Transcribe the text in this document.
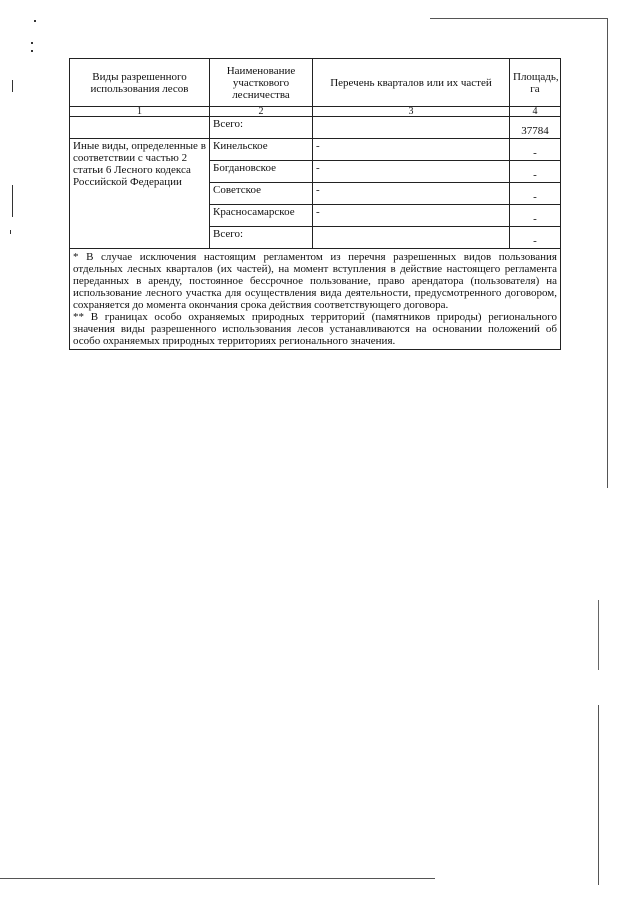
Виды разрешенного использования лесов	Наименование участкового лесничества	Перечень кварталов или их частей	Площадь, га
1	2	3	4
	Всего:		37784
Иные виды, определенные в соответствии с частью 2 статьи 6 Лесного кодекса Российской Федерации	Кинельское	-	-
	Богдановское	-	-
	Советское	-	-
	Красносамарское	-	-
	Всего:		-

* В случае исключения настоящим регламентом из перечня разрешенных видов пользования отдельных лесных кварталов (их частей), на момент вступления в действие настоящего регламента переданных в аренду, постоянное бессрочное пользование, право арендатора (пользователя) на использование лесного участка для осуществления вида деятельности, предусмотренного договором, сохраняется до момента окончания срока действия соответствующего договора.

** В границах особо охраняемых природных территорий (памятников природы) регионального значения виды разрешенного использования лесов устанавливаются на основании положений об особо охраняемых природных территориях регионального значения.			
